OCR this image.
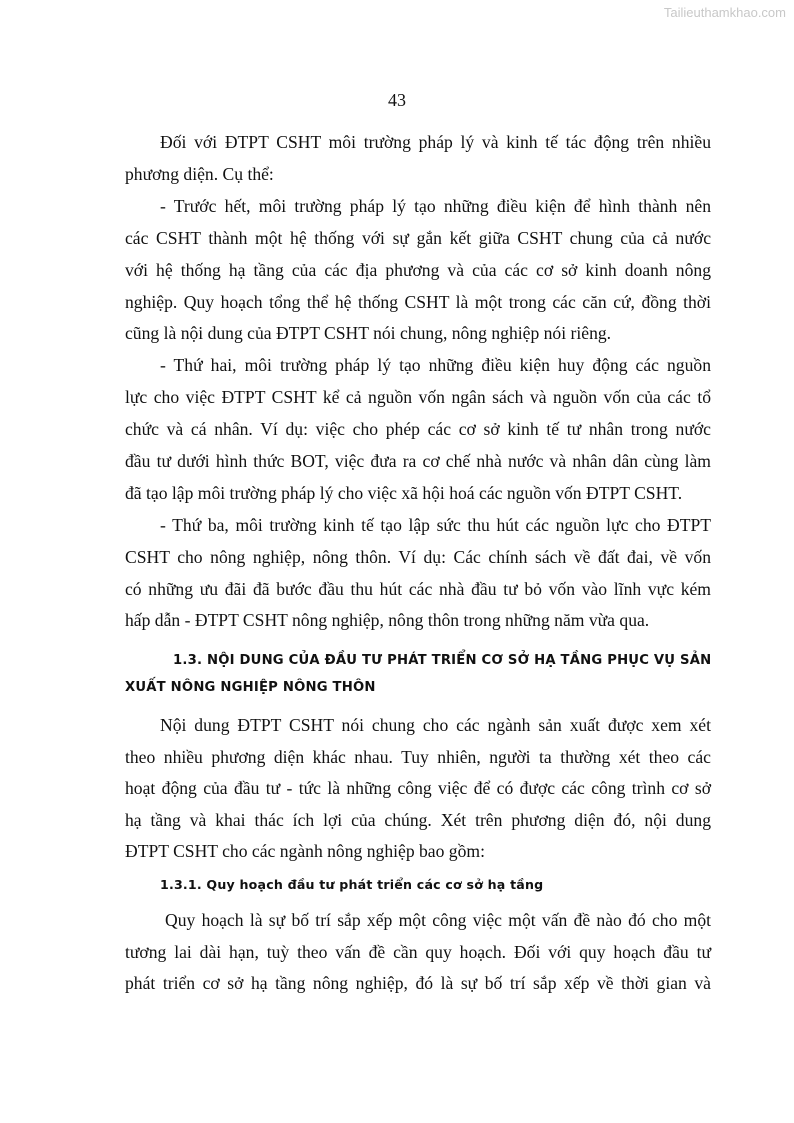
Tailieuthamkhao.com
43
Đối với ĐTPT CSHT môi trường pháp lý và kinh tế tác động trên nhiều
phương diện. Cụ thể:
- Trước hết, môi trường pháp lý tạo những điều kiện để hình thành nên
các CSHT thành một hệ thống với sự gắn kết giữa CSHT chung của cả nước
với hệ thống hạ tầng của các địa phương và của các cơ sở kinh doanh nông
nghiệp. Quy hoạch tổng thể hệ thống CSHT là một trong các căn cứ, đồng thời
cũng là nội dung của ĐTPT CSHT nói chung, nông nghiệp nói riêng.
- Thứ hai, môi trường pháp lý tạo những điều kiện huy động các nguồn
lực cho việc ĐTPT CSHT kể cả nguồn vốn ngân sách và nguồn vốn của các tổ
chức và cá nhân. Ví dụ: việc cho phép các cơ sở kinh tế tư nhân trong nước
đầu tư dưới hình thức BOT, việc đưa ra cơ chế nhà nước và nhân dân cùng làm
đã tạo lập môi trường pháp lý cho việc xã hội hoá các nguồn vốn ĐTPT CSHT.
- Thứ ba, môi trường kinh tế tạo lập sức thu hút các nguồn lực cho ĐTPT
CSHT cho nông nghiệp, nông thôn. Ví dụ: Các chính sách về đất đai, về vốn
có những ưu đãi đã bước đầu thu hút các nhà đầu tư bỏ vốn vào lĩnh vực kém
hấp dẫn - ĐTPT CSHT nông nghiệp, nông thôn trong những năm vừa qua.
1.3. NỘI DUNG CỦA ĐẦU TƯ PHÁT TRIỂN CƠ SỞ HẠ TẦNG PHỤC VỤ SẢN
XUẤT NÔNG NGHIỆP NÔNG THÔN
Nội dung ĐTPT CSHT nói chung cho các ngành sản xuất được xem xét
theo nhiều phương diện khác nhau. Tuy nhiên, người ta thường xét theo các
hoạt động của đầu tư - tức là những công việc để có được các công trình cơ sở
hạ tầng và khai thác ích lợi của chúng. Xét trên phương diện đó, nội dung
ĐTPT CSHT cho các ngành nông nghiệp bao gồm:
1.3.1. Quy hoạch đầu tư phát triển các cơ sở hạ tầng
Quy hoạch là sự bố trí sắp xếp một công việc một vấn đề nào đó cho một
tương lai dài hạn, tuỳ theo vấn đề cần quy hoạch. Đối với quy hoạch đầu tư
phát triển cơ sở hạ tầng nông nghiệp, đó là sự bố trí sắp xếp về thời gian và
